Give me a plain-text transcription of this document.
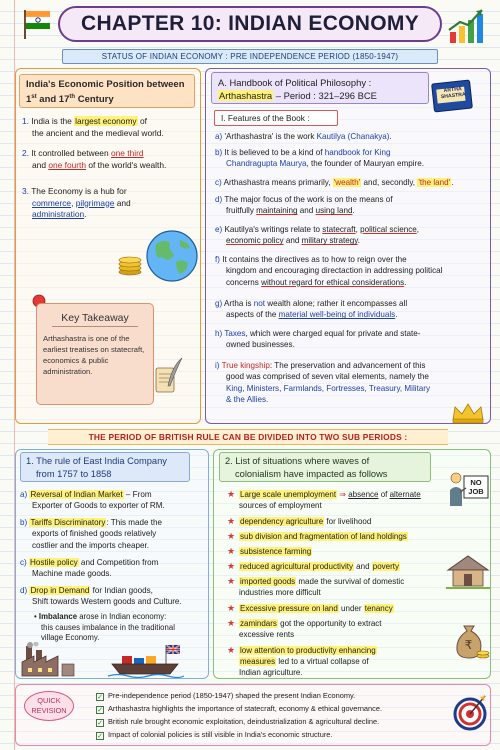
CHAPTER 10: INDIAN ECONOMY
STATUS OF INDIAN ECONOMY : PRE INDEPENDENCE PERIOD (1850-1947)
India's Economic Position between
1st and 17th Century
1. India is the largest economy of
the ancient and the medieval world.
2. It controlled between one third
and one fourth of the world's wealth.
3. The Economy is a hub for
commerce, pilgrimage and
administration.
Key Takeaway
Arthashastra is one of the earliest treatises on statecraft, economics & public administration.
A. Handbook of Political Philosophy :
Arthashastra – Period : 321–296 BCE	ARTHA
SHASTRA
I. Features of the Book :
a) 'Arthashastra' is the work Kautilya (Chanakya).
b) It is believed to be a kind of handbook for King
Chandragupta Maurya, the founder of Mauryan empire.
c) Arthashastra means primarily, 'wealth' and, secondly, 'the land'.
d) The major focus of the work is on the means of
fruitfully maintaining and using land.
e) Kautilya's writings relate to statecraft, political science,
economic policy and military strategy.
f) It contains the directives as to how to reign over the
kingdom and encouraging directaction in addressing political
concerns without regard for ethical considerations.
g) Artha is not wealth alone; rather it encompasses all
aspects of the material well-being of individuals.
h) Taxes, which were charged equal for private and state-
owned businesses.
i) True kingship: The preservation and advancement of this
good was comprised of seven vital elements, namely the
King, Ministers, Farmlands, Fortresses, Treasury, Military
& the Allies.
THE PERIOD OF BRITISH RULE CAN BE DIVIDED INTO TWO SUB PERIODS :
1. The rule of East India Company
from 1757 to 1858
a) Reversal of Indian Market – From
Exporter of Goods to exporter of RM.
b) Tariffs Discriminatory: This made the
exports of finished goods relatively
costlier and the imports cheaper.
c) Hostile policy and Competition from
Machine made goods.
d) Drop in Demand for Indian goods,
Shift towards Western goods and Culture.
• Imbalance arose in Indian economy:
this causes imbalance in the traditional
village Economy.
2. List of situations where waves of
colonialism have impacted as follows
NO
JOB
★ Large scale unemployment ⇒ absence of alternate
sources of employment
★ dependency agriculture for livelihood
★ sub division and fragmentation of land holdings
★ subsistence farming
★ reduced agricultural productivity and poverty
★ imported goods made the survival of domestic
industries more difficult
★ Excessive pressure on land under tenancy
★ zamindars got the opportunity to extract
excessive rents
★ low attention to productivity enhancing
measures led to a virtual collapse of
Indian agriculture.
₹
QUICK
REVISION
✓ Pre-independence period (1850-1947) shaped the present Indian Economy.
✓ Arthashastra highlights the importance of statecraft, economy & ethical governance.
✓ British rule brought economic exploitation, deindustrialization & agricultural decline.
✓ Impact of colonial policies is still visible in India's economic structure.
